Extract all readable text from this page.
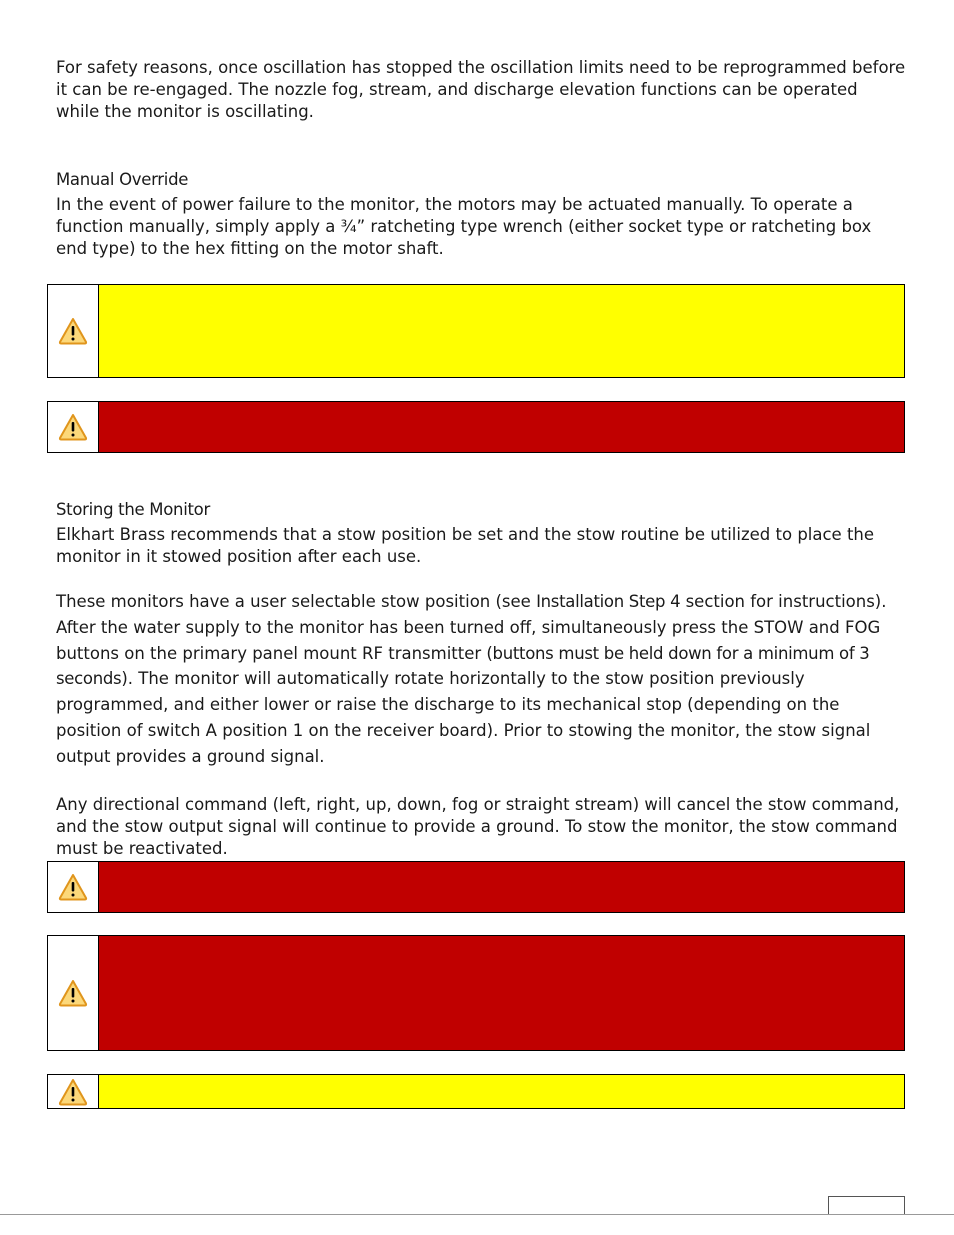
For safety reasons, once oscillation has stopped the oscillation limits need to be reprogrammed before it can be re-engaged. The nozzle fog, stream, and discharge elevation functions can be operated while the monitor is oscillating.

Manual Override

In the event of power failure to the monitor, the motors may be actuated manually. To operate a function manually, simply apply a ¾” ratcheting type wrench (either socket type or ratcheting box end type) to the hex fitting on the motor shaft.

Storing the Monitor

Elkhart Brass recommends that a stow position be set and the stow routine be utilized to place the monitor in it stowed position after each use.

These monitors have a user selectable stow position (see Installation Step 4 section for instructions). After the water supply to the monitor has been turned off, simultaneously press the STOW and FOG buttons on the primary panel mount RF transmitter (buttons must be held down for a minimum of 3 seconds). The monitor will automatically rotate horizontally to the stow position previously programmed, and either lower or raise the discharge to its mechanical stop (depending on the position of switch A position 1 on the receiver board). Prior to stowing the monitor, the stow signal output provides a ground signal.

Any directional command (left, right, up, down, fog or straight stream) will cancel the stow command, and the stow output signal will continue to provide a ground. To stow the monitor, the stow command must be reactivated.
